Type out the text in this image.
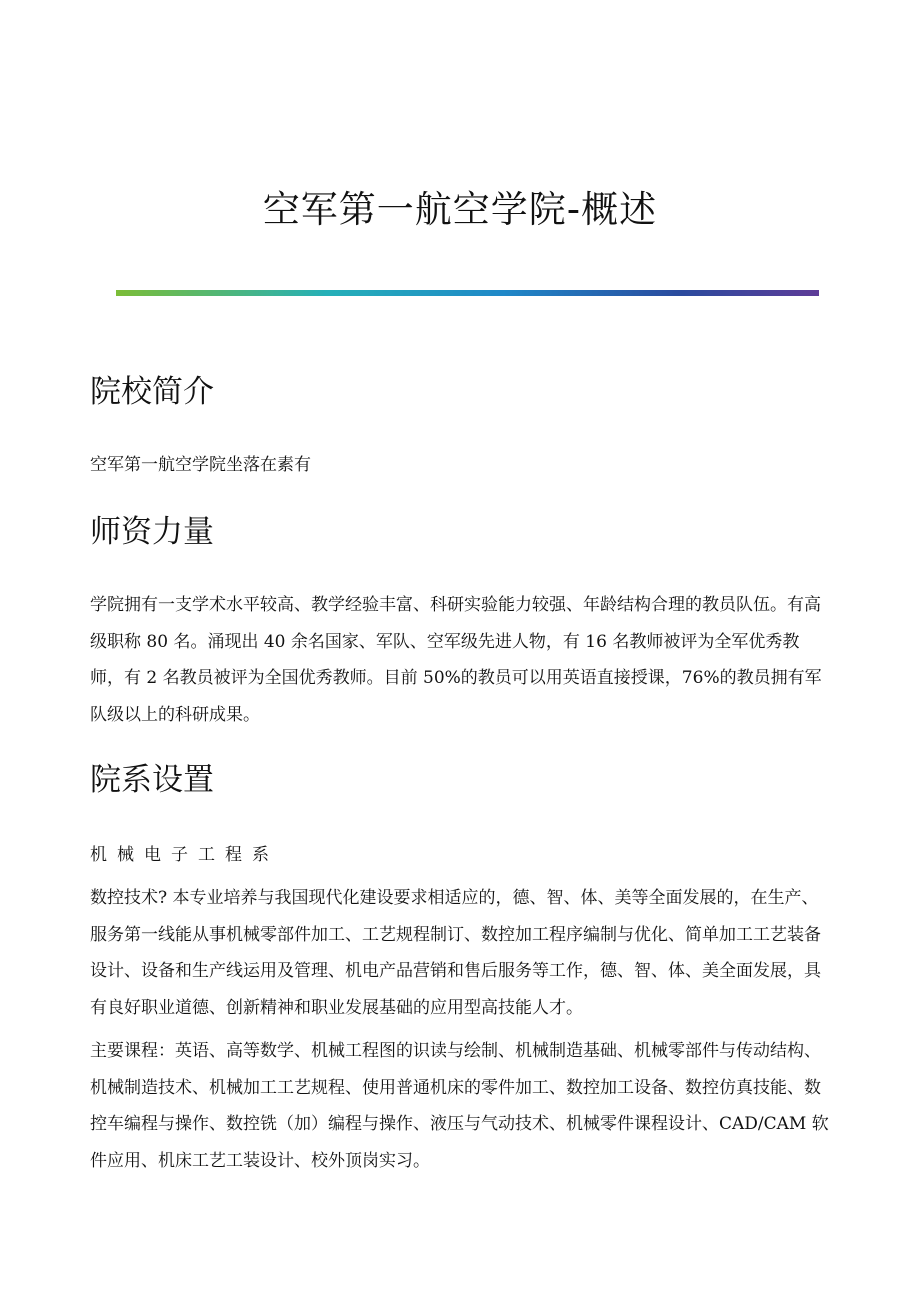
空军第一航空学院-概述
院校简介
空军第一航空学院坐落在素有
师资力量
学院拥有一支学术水平较高、教学经验丰富、科研实验能力较强、年龄结构合理的教员队伍。有高级职称 80 名。涌现出 40 余名国家、军队、空军级先进人物，有 16 名教师被评为全军优秀教师，有 2 名教员被评为全国优秀教师。目前 50%的教员可以用英语直接授课，76%的教员拥有军队级以上的科研成果。
院系设置
机械电子工程系
数控技术? 本专业培养与我国现代化建设要求相适应的，德、智、体、美等全面发展的，在生产、服务第一线能从事机械零部件加工、工艺规程制订、数控加工程序编制与优化、简单加工工艺装备设计、设备和生产线运用及管理、机电产品营销和售后服务等工作，德、智、体、美全面发展，具有良好职业道德、创新精神和职业发展基础的应用型高技能人才。
主要课程：英语、高等数学、机械工程图的识读与绘制、机械制造基础、机械零部件与传动结构、机械制造技术、机械加工工艺规程、使用普通机床的零件加工、数控加工设备、数控仿真技能、数控车编程与操作、数控铣（加）编程与操作、液压与气动技术、机械零件课程设计、CAD/CAM 软件应用、机床工艺工装设计、校外顶岗实习。
